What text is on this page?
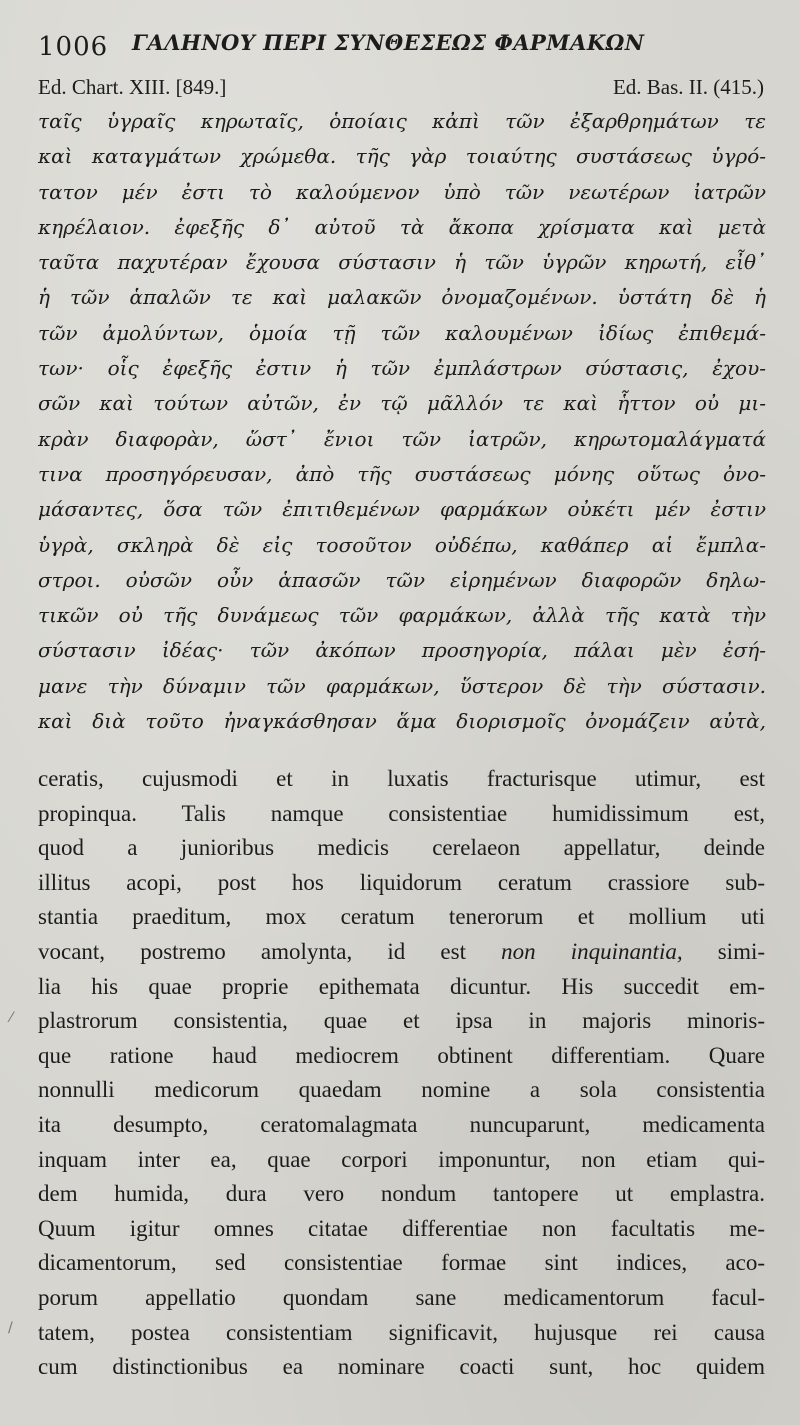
1006 ΓΑΛΗΝΟΥ ΠΕΡΙ ΣΥΝΘΕΣΕΩΣ ΦΑΡΜΑΚΩΝ
Ed. Chart. XIII. [849.]	Ed. Bas. II. (415.)
ταῖς ὑγραῖς κηρωταῖς, ὁποίαις κἀπὶ τῶν ἐξαρθρημάτων τε
καὶ καταγμάτων χρώμεθα. τῆς γὰρ τοιαύτης συστάσεως ὑγρό-
τατον μέν ἐστι τὸ καλούμενον ὑπὸ τῶν νεωτέρων ἰατρῶν
κηρέλαιον. ἐφεξῆς δ᾿ αὐτοῦ τὰ ἄκοπα χρίσματα καὶ μετὰ
ταῦτα παχυτέραν ἔχουσα σύστασιν ἡ τῶν ὑγρῶν κηρωτή, εἶθ᾿
ἡ τῶν ἁπαλῶν τε καὶ μαλακῶν ὀνομαζομένων. ὑστάτη δὲ ἡ
τῶν ἀμολύντων, ὁμοία τῇ τῶν καλουμένων ἰδίως ἐπιθεμά-
των· οἷς ἐφεξῆς ἐστιν ἡ τῶν ἐμπλάστρων σύστασις, ἐχου-
σῶν καὶ τούτων αὐτῶν, ἐν τῷ μᾶλλόν τε καὶ ἧττον οὐ μι-
κρὰν διαφορὰν, ὥστ᾿ ἔνιοι τῶν ἰατρῶν, κηρωτομαλάγματά
τινα προσηγόρευσαν, ἀπὸ τῆς συστάσεως μόνης οὕτως ὀνο-
μάσαντες, ὅσα τῶν ἐπιτιθεμένων φαρμάκων οὐκέτι μέν ἐστιν
ὑγρὰ, σκληρὰ δὲ εἰς τοσοῦτον οὐδέπω, καθάπερ αἱ ἔμπλα-
στροι. οὐσῶν οὖν ἁπασῶν τῶν εἰρημένων διαφορῶν δηλω-
τικῶν οὐ τῆς δυνάμεως τῶν φαρμάκων, ἀλλὰ τῆς κατὰ τὴν
σύστασιν ἰδέας· τῶν ἀκόπων προσηγορία, πάλαι μὲν ἐσή-
μανε τὴν δύναμιν τῶν φαρμάκων, ὕστερον δὲ τὴν σύστασιν.
καὶ διὰ τοῦτο ἠναγκάσθησαν ἅμα διορισμοῖς ὀνομάζειν αὐτὰ,
ceratis, cujusmodi et in luxatis fracturisque utimur, est
propinqua. Talis namque consistentiae humidissimum est,
quod a junioribus medicis cerelaeon appellatur, deinde
illitus acopi, post hos liquidorum ceratum crassiore sub-
stantia praeditum, mox ceratum tenerorum et mollium uti
vocant, postremo amolynta, id est non inquinantia, simi-
lia his quae proprie epithemata dicuntur. His succedit em-
plastrorum consistentia, quae et ipsa in majoris minoris-
que ratione haud mediocrem obtinent differentiam. Quare
nonnulli medicorum quaedam nomine a sola consistentia
ita desumpto, ceratomalagmata nuncuparunt, medicamenta
inquam inter ea, quae corpori imponuntur, non etiam qui-
dem humida, dura vero nondum tantopere ut emplastra.
Quum igitur omnes citatae differentiae non facultatis me-
dicamentorum, sed consistentiae formae sint indices, aco-
porum appellatio quondam sane medicamentorum facul-
tatem, postea consistentiam significavit, hujusque rei causa
cum distinctionibus ea nominare coacti sunt, hoc quidem
⁄
/
